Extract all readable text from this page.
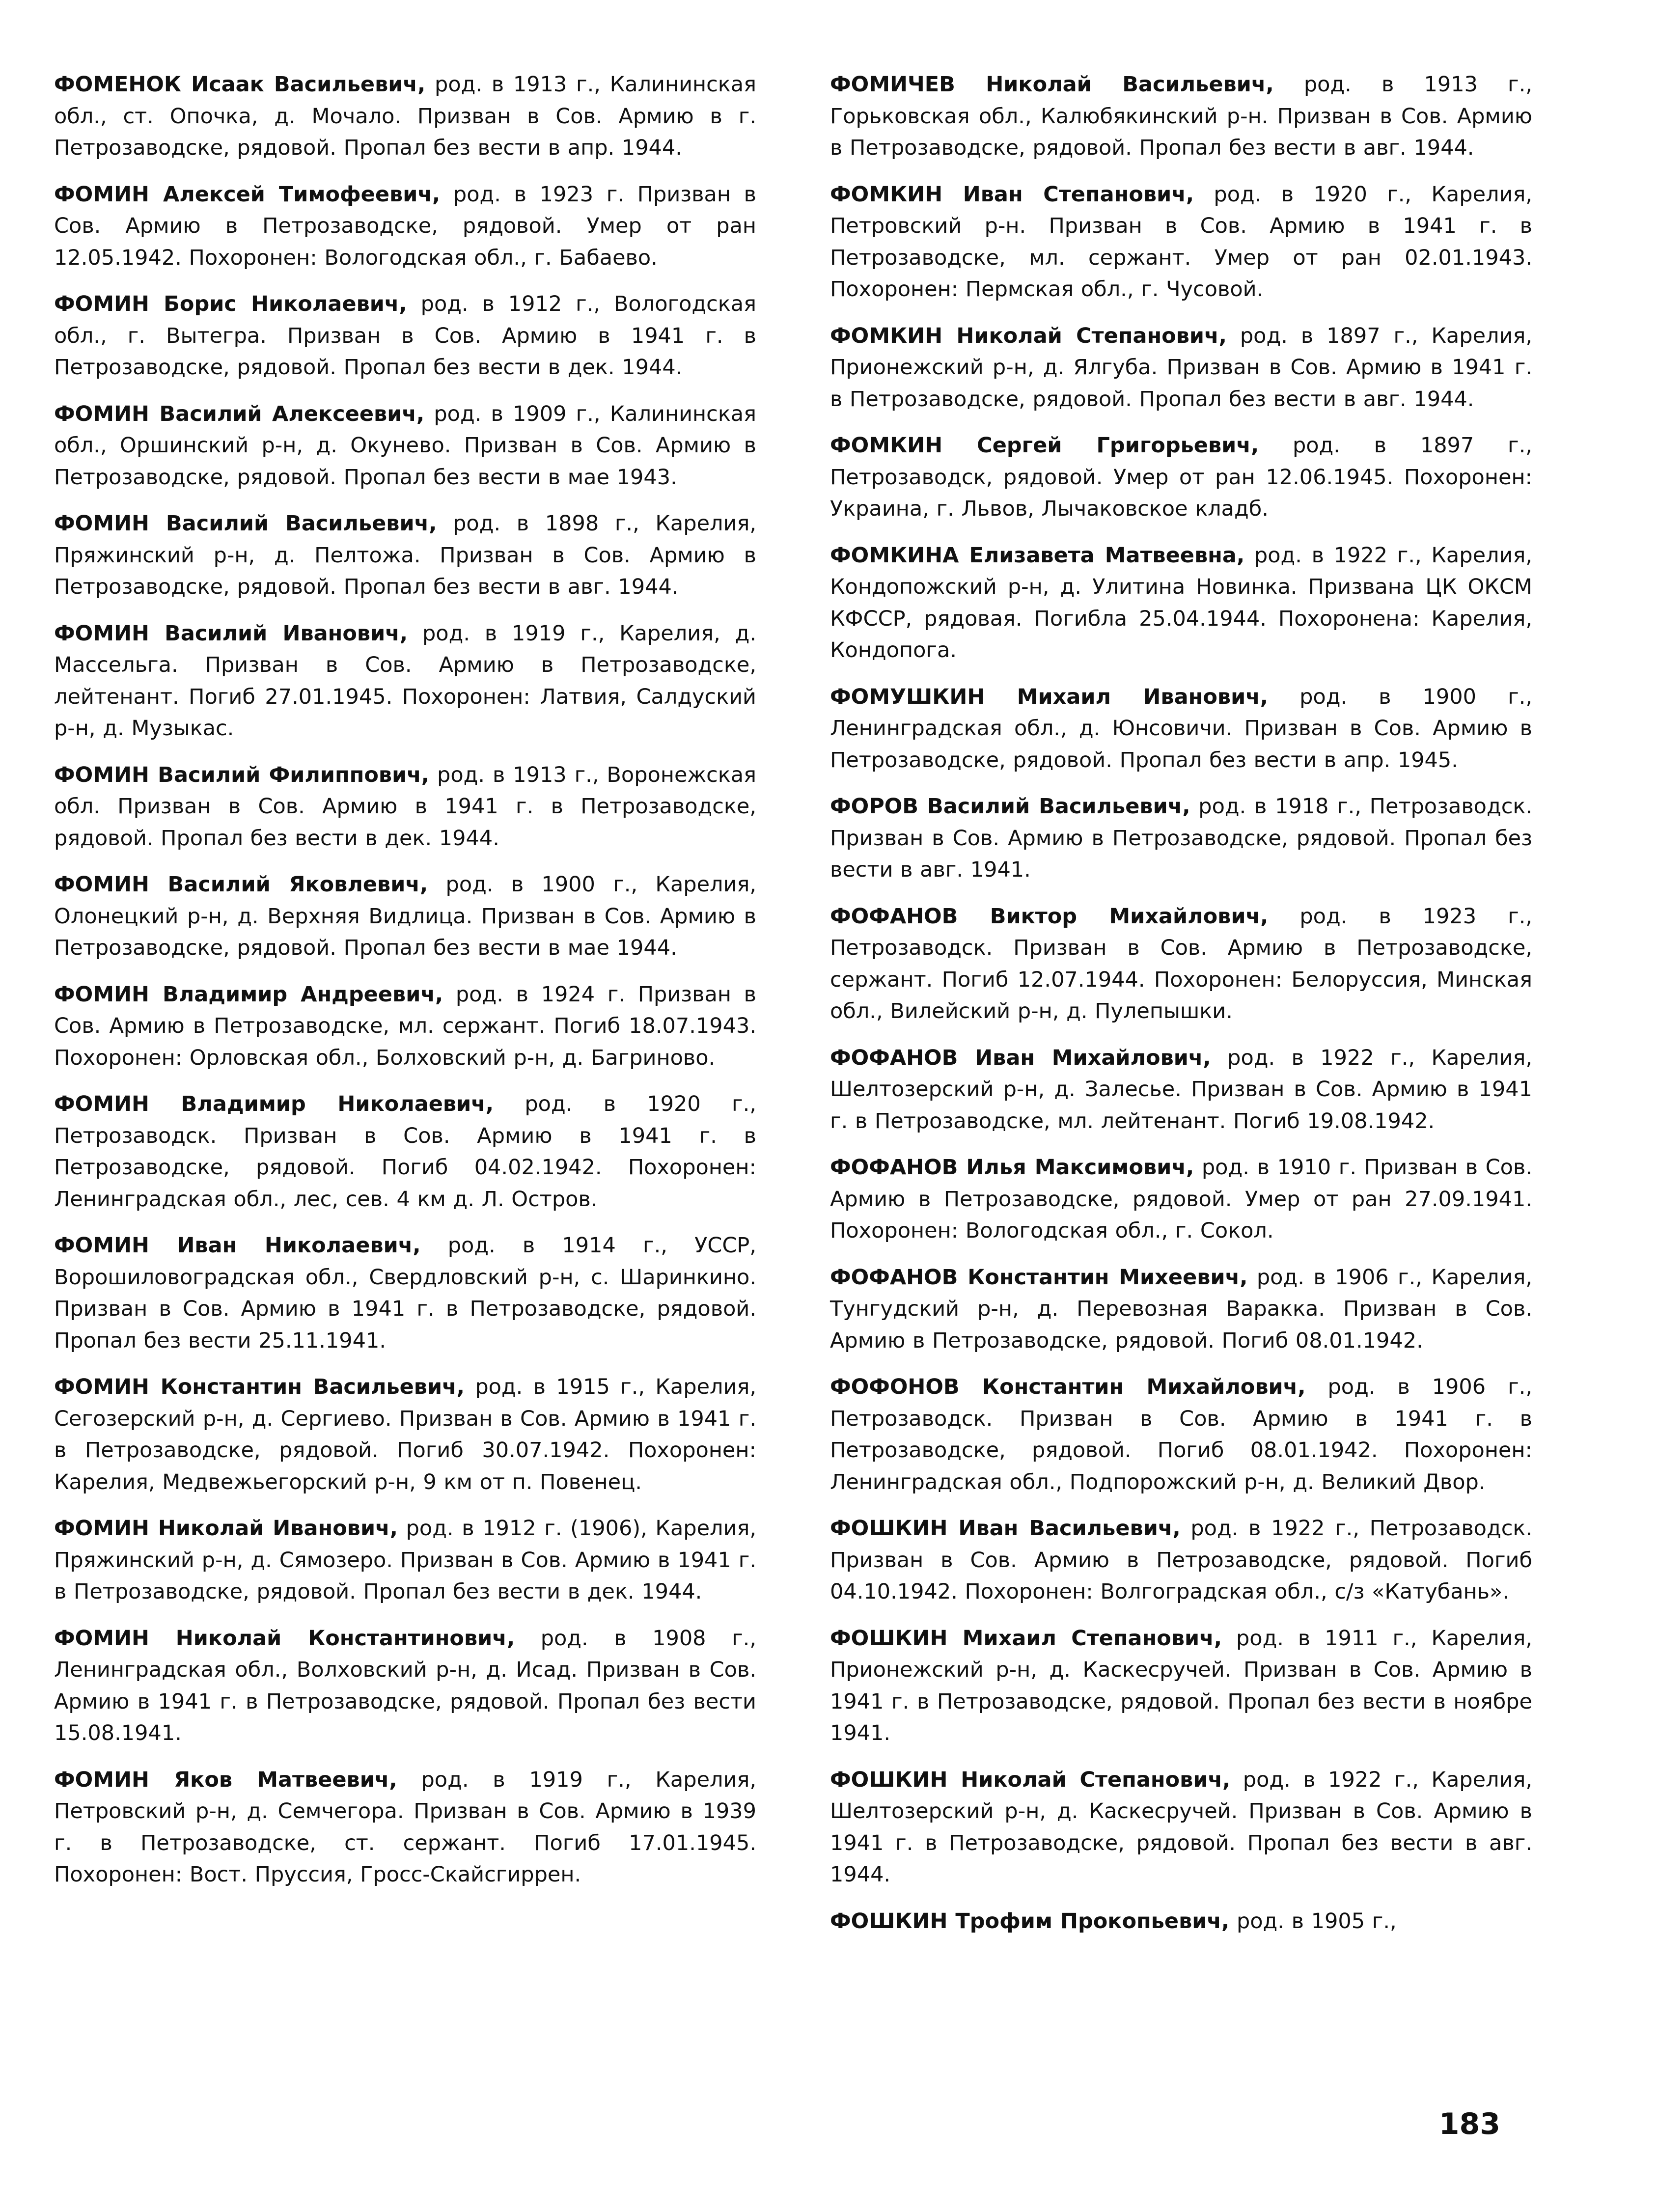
ФОМЕНОК Исаак Васильевич, род. в 1913 г., Калининская обл., ст. Опочка, д. Мочало. Призван в Сов. Армию в г. Петрозаводске, рядовой. Пропал без вести в апр. 1944.

ФОМИН Алексей Тимофеевич, род. в 1923 г. Призван в Сов. Армию в Петрозаводске, рядовой. Умер от ран 12.05.1942. Похоронен: Вологодская обл., г. Бабаево.

ФОМИН Борис Николаевич, род. в 1912 г., Вологодская обл., г. Вытегра. Призван в Сов. Армию в 1941 г. в Петрозаводске, рядовой. Пропал без вести в дек. 1944.

ФОМИН Василий Алексеевич, род. в 1909 г., Калининская обл., Оршинский р-н, д. Окунево. Призван в Сов. Армию в Петрозаводске, рядовой. Пропал без вести в мае 1943.

ФОМИН Василий Васильевич, род. в 1898 г., Карелия, Пряжинский р-н, д. Пелтожа. Призван в Сов. Армию в Петрозаводске, рядовой. Пропал без вести в авг. 1944.

ФОМИН Василий Иванович, род. в 1919 г., Карелия, д. Массельга. Призван в Сов. Армию в Петрозаводске, лейтенант. Погиб 27.01.1945. Похоронен: Латвия, Салдуский р-н, д. Музыкас.

ФОМИН Василий Филиппович, род. в 1913 г., Воронежская обл. Призван в Сов. Армию в 1941 г. в Петрозаводске, рядовой. Пропал без вести в дек. 1944.

ФОМИН Василий Яковлевич, род. в 1900 г., Карелия, Олонецкий р-н, д. Верхняя Видлица. Призван в Сов. Армию в Петрозаводске, рядовой. Пропал без вести в мае 1944.

ФОМИН Владимир Андреевич, род. в 1924 г. Призван в Сов. Армию в Петрозаводске, мл. сержант. Погиб 18.07.1943. Похоронен: Орловская обл., Болховский р-н, д. Багриново.

ФОМИН Владимир Николаевич, род. в 1920 г., Петрозаводск. Призван в Сов. Армию в 1941 г. в Петрозаводске, рядовой. Погиб 04.02.1942. Похоронен: Ленинградская обл., лес, сев. 4 км д. Л. Остров.

ФОМИН Иван Николаевич, род. в 1914 г., УССР, Ворошиловоградская обл., Свердловский р-н, с. Шаринкино. Призван в Сов. Армию в 1941 г. в Петрозаводске, рядовой. Пропал без вести 25.11.1941.

ФОМИН Константин Васильевич, род. в 1915 г., Карелия, Сегозерский р-н, д. Сергиево. Призван в Сов. Армию в 1941 г. в Петрозаводске, рядовой. Погиб 30.07.1942. Похоронен: Карелия, Медвежьегорский р-н, 9 км от п. Повенец.

ФОМИН Николай Иванович, род. в 1912 г. (1906), Карелия, Пряжинский р-н, д. Сямозеро. Призван в Сов. Армию в 1941 г. в Петрозаводске, рядовой. Пропал без вести в дек. 1944.

ФОМИН Николай Константинович, род. в 1908 г., Ленинградская обл., Волховский р-н, д. Исад. Призван в Сов. Армию в 1941 г. в Петрозаводске, рядовой. Пропал без вести 15.08.1941.

ФОМИН Яков Матвеевич, род. в 1919 г., Карелия, Петровский р-н, д. Семчегора. Призван в Сов. Армию в 1939 г. в Петрозаводске, ст. сержант. Погиб 17.01.1945. Похоронен: Вост. Пруссия, Гросс-Скайсгиррен.

ФОМИЧЕВ Николай Васильевич, род. в 1913 г., Горьковская обл., Калюбякинский р-н. Призван в Сов. Армию в Петрозаводске, рядовой. Пропал без вести в авг. 1944.

ФОМКИН Иван Степанович, род. в 1920 г., Карелия, Петровский р-н. Призван в Сов. Армию в 1941 г. в Петрозаводске, мл. сержант. Умер от ран 02.01.1943. Похоронен: Пермская обл., г. Чусовой.

ФОМКИН Николай Степанович, род. в 1897 г., Карелия, Прионежский р-н, д. Ялгуба. Призван в Сов. Армию в 1941 г. в Петрозаводске, рядовой. Пропал без вести в авг. 1944.

ФОМКИН Сергей Григорьевич, род. в 1897 г., Петрозаводск, рядовой. Умер от ран 12.06.1945. Похоронен: Украина, г. Львов, Лычаковское кладб.

ФОМКИНА Елизавета Матвеевна, род. в 1922 г., Карелия, Кондопожский р-н, д. Улитина Новинка. Призвана ЦК ОКСМ КФССР, рядовая. Погибла 25.04.1944. Похоронена: Карелия, Кондопога.

ФОМУШКИН Михаил Иванович, род. в 1900 г., Ленинградская обл., д. Юнсовичи. Призван в Сов. Армию в Петрозаводске, рядовой. Пропал без вести в апр. 1945.

ФОРОВ Василий Васильевич, род. в 1918 г., Петрозаводск. Призван в Сов. Армию в Петрозаводске, рядовой. Пропал без вести в авг. 1941.

ФОФАНОВ Виктор Михайлович, род. в 1923 г., Петрозаводск. Призван в Сов. Армию в Петрозаводске, сержант. Погиб 12.07.1944. Похоронен: Белоруссия, Минская обл., Вилейский р-н, д. Пулепышки.

ФОФАНОВ Иван Михайлович, род. в 1922 г., Карелия, Шелтозерский р-н, д. Залесье. Призван в Сов. Армию в 1941 г. в Петрозаводске, мл. лейтенант. Погиб 19.08.1942.

ФОФАНОВ Илья Максимович, род. в 1910 г. Призван в Сов. Армию в Петрозаводске, рядовой. Умер от ран 27.09.1941. Похоронен: Вологодская обл., г. Сокол.

ФОФАНОВ Константин Михеевич, род. в 1906 г., Карелия, Тунгудский р-н, д. Перевозная Варакка. Призван в Сов. Армию в Петрозаводске, рядовой. Погиб 08.01.1942.

ФОФОНОВ Константин Михайлович, род. в 1906 г., Петрозаводск. Призван в Сов. Армию в 1941 г. в Петрозаводске, рядовой. Погиб 08.01.1942. Похоронен: Ленинградская обл., Подпорожский р-н, д. Великий Двор.

ФОШКИН Иван Васильевич, род. в 1922 г., Петрозаводск. Призван в Сов. Армию в Петрозаводске, рядовой. Погиб 04.10.1942. Похоронен: Волгоградская обл., с/з «Катубань».

ФОШКИН Михаил Степанович, род. в 1911 г., Карелия, Прионежский р-н, д. Каскесручей. Призван в Сов. Армию в 1941 г. в Петрозаводске, рядовой. Пропал без вести в ноябре 1941.

ФОШКИН Николай Степанович, род. в 1922 г., Карелия, Шелтозерский р-н, д. Каскесручей. Призван в Сов. Армию в 1941 г. в Петрозаводске, рядовой. Пропал без вести в авг. 1944.

ФОШКИН Трофим Прокопьевич, род. в 1905 г.,

183
